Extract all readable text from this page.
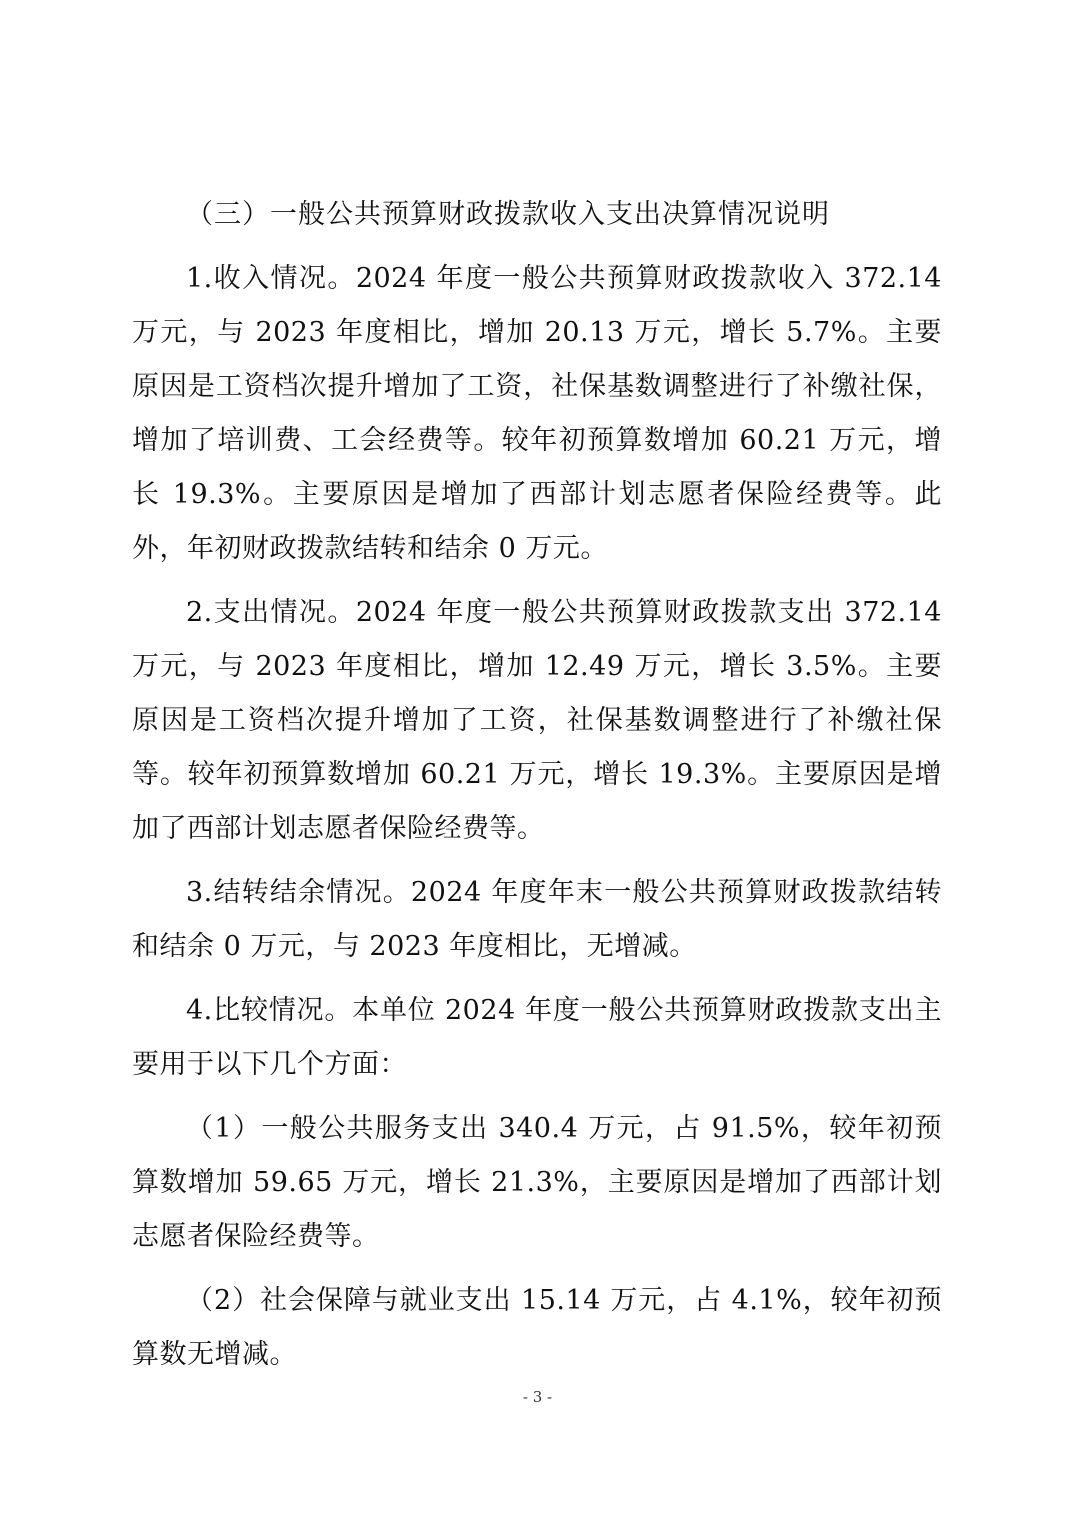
（三）一般公共预算财政拨款收入支出决算情况说明

1.收入情况。2024 年度一般公共预算财政拨款收入 372.14 万元，与 2023 年度相比，增加 20.13 万元，增长 5.7%。主要原因是工资档次提升增加了工资，社保基数调整进行了补缴社保，增加了培训费、工会经费等。较年初预算数增加 60.21 万元，增长 19.3%。主要原因是增加了西部计划志愿者保险经费等。此外，年初财政拨款结转和结余 0 万元。

2.支出情况。2024 年度一般公共预算财政拨款支出 372.14 万元，与 2023 年度相比，增加 12.49 万元，增长 3.5%。主要原因是工资档次提升增加了工资，社保基数调整进行了补缴社保等。较年初预算数增加 60.21 万元，增长 19.3%。主要原因是增加了西部计划志愿者保险经费等。

3.结转结余情况。2024 年度年末一般公共预算财政拨款结转和结余 0 万元，与 2023 年度相比，无增减。

4.比较情况。本单位 2024 年度一般公共预算财政拨款支出主要用于以下几个方面：

（1）一般公共服务支出 340.4 万元，占 91.5%，较年初预算数增加 59.65 万元，增长 21.3%，主要原因是增加了西部计划志愿者保险经费等。

（2）社会保障与就业支出 15.14 万元，占 4.1%，较年初预算数无增减。

- 3 -
